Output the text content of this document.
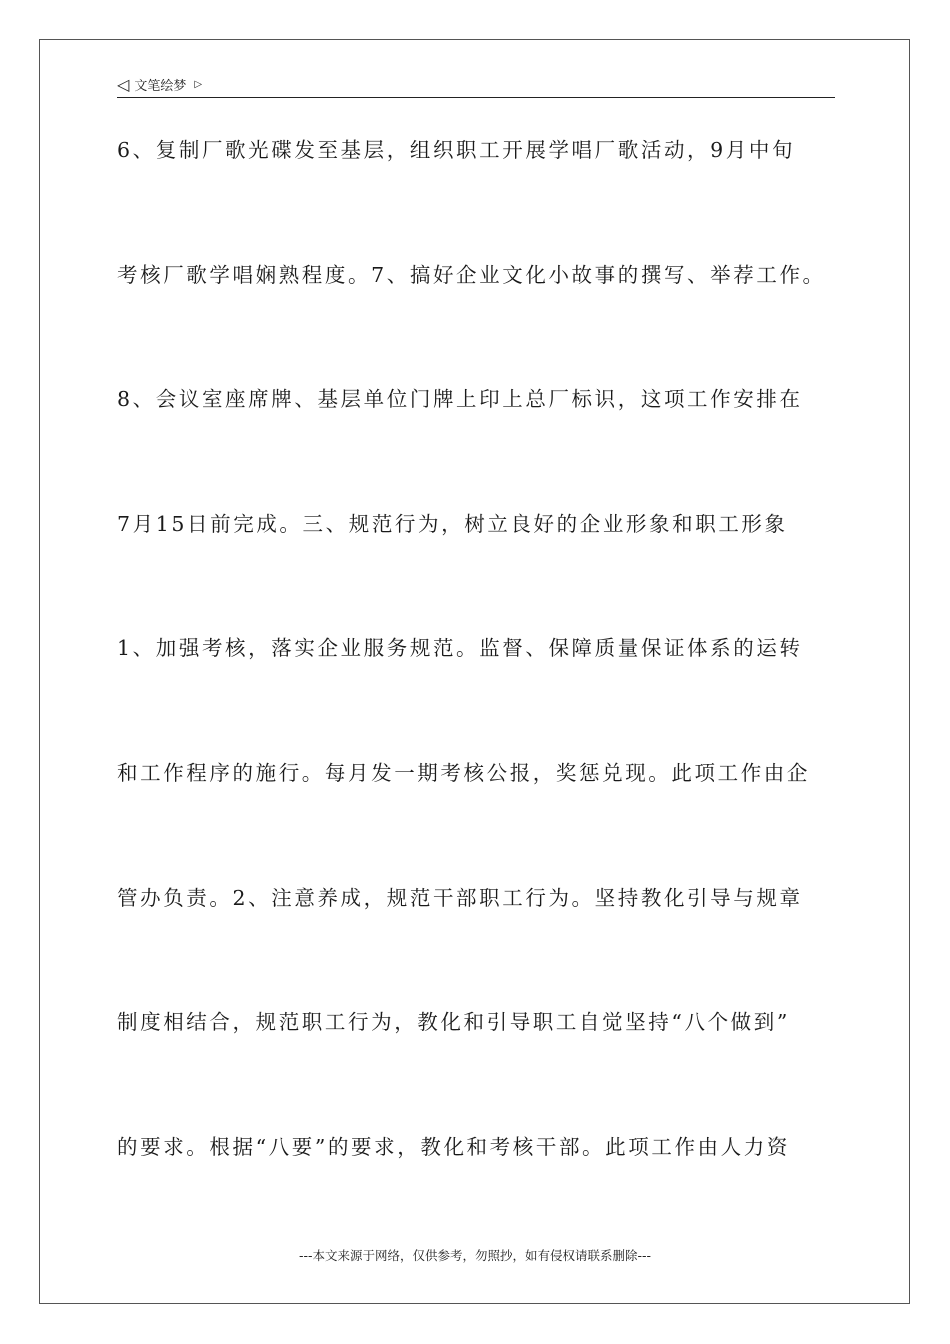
◁ 文笔绘梦 ▷
6、复制厂歌光碟发至基层，组织职工开展学唱厂歌活动，9月中旬
考核厂歌学唱娴熟程度。7、搞好企业文化小故事的撰写、举荐工作。
8、会议室座席牌、基层单位门牌上印上总厂标识，这项工作安排在
7月15日前完成。三、规范行为，树立良好的企业形象和职工形象
1、加强考核，落实企业服务规范。监督、保障质量保证体系的运转
和工作程序的施行。每月发一期考核公报，奖惩兑现。此项工作由企
管办负责。2、注意养成，规范干部职工行为。坚持教化引导与规章
制度相结合，规范职工行为，教化和引导职工自觉坚持“八个做到”
的要求。根据“八要”的要求，教化和考核干部。此项工作由人力资
---本文来源于网络，仅供参考，勿照抄，如有侵权请联系删除---
